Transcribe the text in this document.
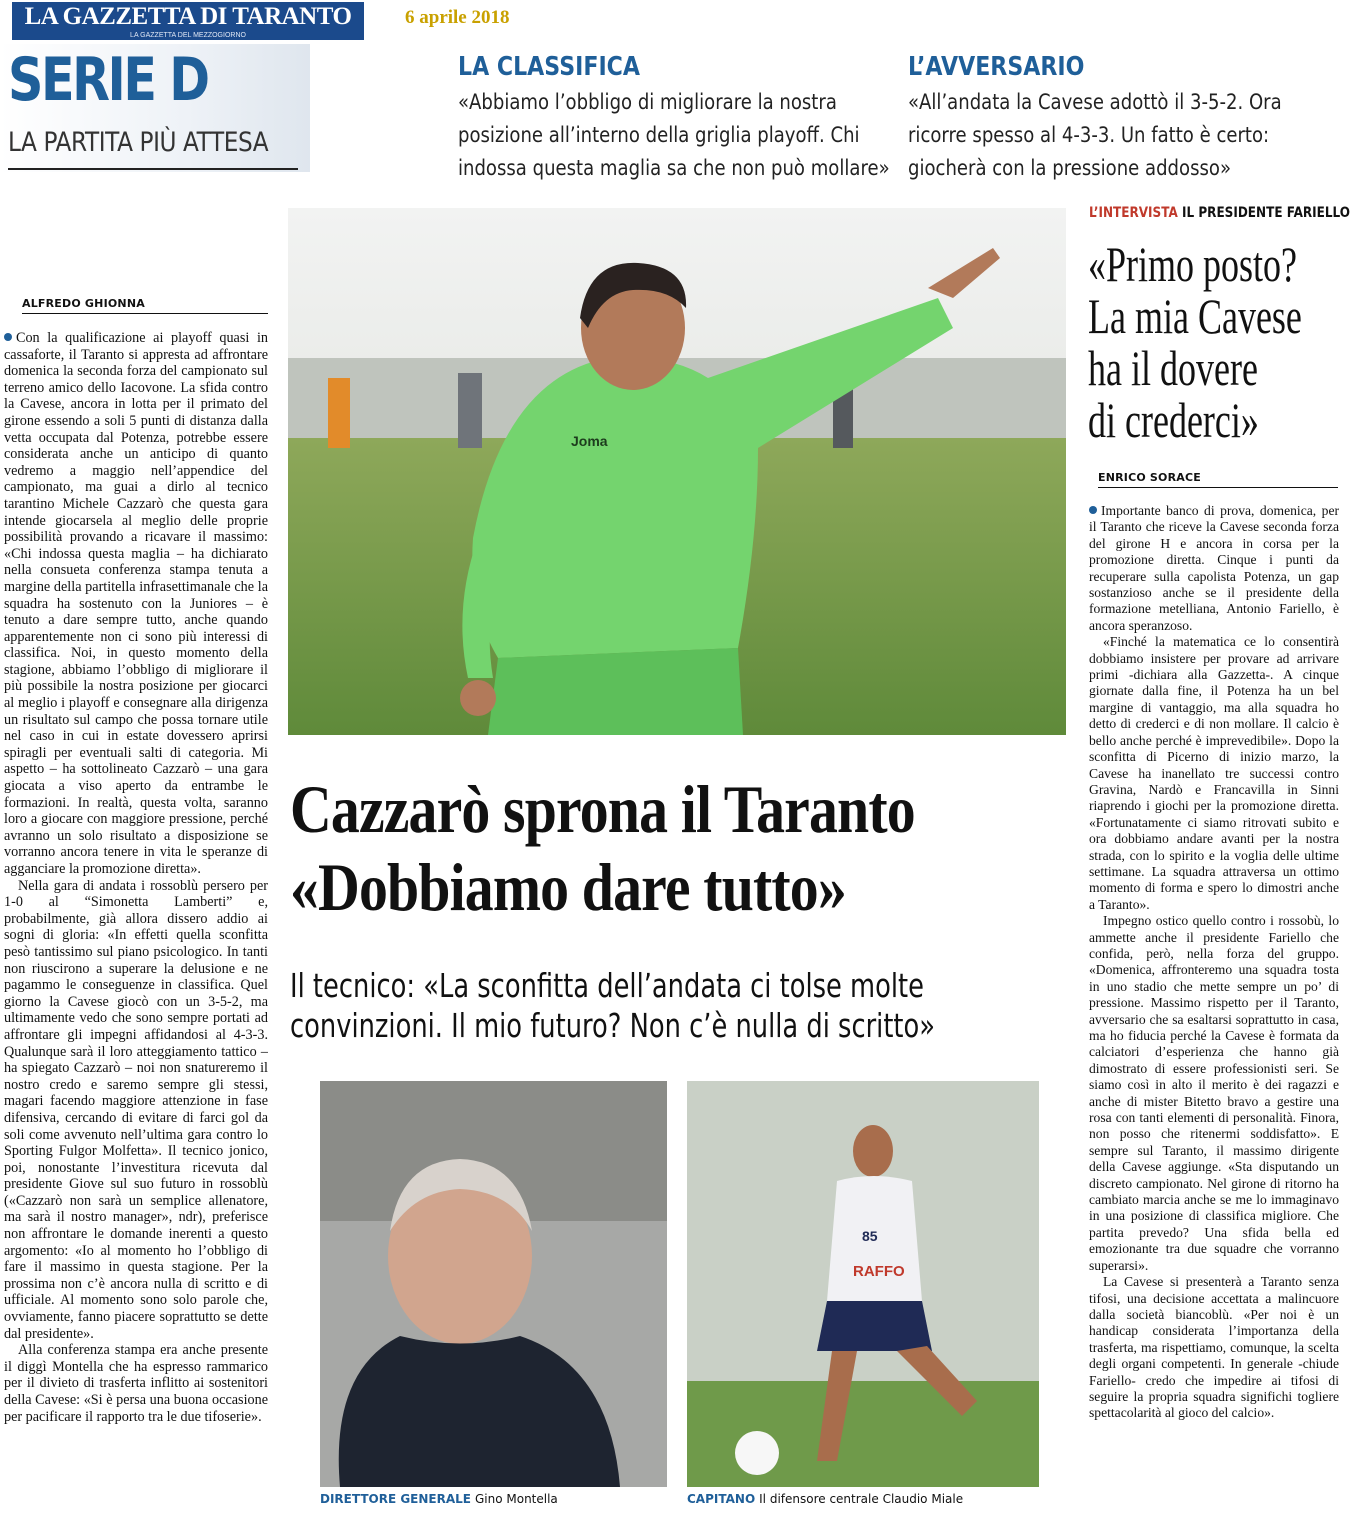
LA GAZZETTA DI TARANTO
LA GAZZETTA DEL MEZZOGIORNO
6 aprile 2018
SERIE D
LA PARTITA PIÙ ATTESA
LA CLASSIFICA
«Abbiamo l’obbligo di migliorare la nostra
posizione all’interno della griglia playoff. Chi
indossa questa maglia sa che non può mollare»
L’AVVERSARIO
«All’andata la Cavese adottò il 3-5-2. Ora
ricorre spesso al 4-3-3. Un fatto è certo:
giocherà con la pressione addosso»
ALFREDO GHIONNA

Con la qualificazione ai playoff quasi in cassaforte, il Taranto si appresta ad affrontare domenica la seconda forza del campionato sul terreno amico dello Iacovone. La sfida contro la Cavese, ancora in lotta per il primato del girone essendo a soli 5 punti di distanza dalla vetta occupata dal Potenza, potrebbe essere considerata anche un anticipo di quanto vedremo a maggio nell’appendice del campionato, ma guai a dirlo al tecnico tarantino Michele Cazzarò che questa gara intende giocarsela al meglio delle proprie possibilità provando a ricavare il massimo: «Chi indossa questa maglia – ha dichiarato nella consueta conferenza stampa tenuta a margine della partitella infrasettimanale che la squadra ha sostenuto con la Juniores – è tenuto a dare sempre tutto, anche quando apparentemente non ci sono più interessi di classifica. Noi, in questo momento della stagione, abbiamo l’obbligo di migliorare il più possibile la nostra posizione per giocarci al meglio i playoff e consegnare alla dirigenza un risultato sul campo che possa tornare utile nel caso in cui in estate dovessero aprirsi spiragli per eventuali salti di categoria. Mi aspetto – ha sottolineato Cazzarò – una gara giocata a viso aperto da entrambe le formazioni. In realtà, questa volta, saranno loro a giocare con maggiore pressione, perché avranno un solo risultato a disposizione se vorranno ancora tenere in vita le speranze di agganciare la promozione diretta».

Nella gara di andata i rossoblù persero per 1-0 al “Simonetta Lamberti” e, probabilmente, già allora dissero addio ai sogni di gloria: «In effetti quella sconfitta pesò tantissimo sul piano psicologico. In tanti non riuscirono a superare la delusione e ne pagammo le conseguenze in classifica. Quel giorno la Cavese giocò con un 3-5-2, ma ultimamente vedo che sono sempre portati ad affrontare gli impegni affidandosi al 4-3-3. Qualunque sarà il loro atteggiamento tattico – ha spiegato Cazzarò – noi non snatureremo il nostro credo e saremo sempre gli stessi, magari facendo maggiore attenzione in fase difensiva, cercando di evitare di farci gol da soli come avvenuto nell’ultima gara contro lo Sporting Fulgor Molfetta». Il tecnico jonico, poi, nonostante l’investitura ricevuta dal presidente Giove sul suo futuro in rossoblù («Cazzarò non sarà un semplice allenatore, ma sarà il nostro manager», ndr), preferisce non affrontare le domande inerenti a questo argomento: «Io al momento ho l’obbligo di fare il massimo in questa stagione. Per la prossima non c’è ancora nulla di scritto e di ufficiale. Al momento sono solo parole che, ovviamente, fanno piacere soprattutto se dette dal presidente».

Alla conferenza stampa era anche presente il diggì Montella che ha espresso rammarico per il divieto di trasferta inflitto ai sostenitori della Cavese: «Si è persa una buona occasione per pacificare il rapporto tra le due tifoserie».

Joma
Cazzarò sprona il Taranto
«Dobbiamo dare tutto»
Il tecnico: «La sconfitta dell’andata ci tolse molte
convinzioni. Il mio futuro? Non c’è nulla di scritto»
85
RAFFO
DIRETTORE GENERALE Gino Montella	CAPITANO Il difensore centrale Claudio Miale
L’INTERVISTA IL PRESIDENTE FARIELLO
«Primo posto?
La mia Cavese
ha il dovere
di crederci»
ENRICO SORACE

Importante banco di prova, domenica, per il Taranto che riceve la Cavese seconda forza del girone H e ancora in corsa per la promozione diretta. Cinque i punti da recuperare sulla capolista Potenza, un gap sostanzioso anche se il presidente della formazione metelliana, Antonio Fariello, è ancora speranzoso.

«Finché la matematica ce lo consentirà dobbiamo insistere per provare ad arrivare primi -dichiara alla Gazzetta-. A cinque giornate dalla fine, il Potenza ha un bel margine di vantaggio, ma alla squadra ho detto di crederci e di non mollare. Il calcio è bello anche perché è imprevedibile». Dopo la sconfitta di Picerno di inizio marzo, la Cavese ha inanellato tre successi contro Gravina, Nardò e Francavilla in Sinni riaprendo i giochi per la promozione diretta. «Fortunatamente ci siamo ritrovati subito e ora dobbiamo andare avanti per la nostra strada, con lo spirito e la voglia delle ultime settimane. La squadra attraversa un ottimo momento di forma e spero lo dimostri anche a Taranto».

Impegno ostico quello contro i rossobù, lo ammette anche il presidente Fariello che confida, però, nella forza del gruppo. «Domenica, affronteremo una squadra tosta in uno stadio che mette sempre un po’ di pressione. Massimo rispetto per il Taranto, avversario che sa esaltarsi soprattutto in casa, ma ho fiducia perché la Cavese è formata da calciatori d’esperienza che hanno già dimostrato di essere professionisti seri. Se siamo così in alto il merito è dei ragazzi e anche di mister Bitetto bravo a gestire una rosa con tanti elementi di personalità. Finora, non posso che ritenermi soddisfatto». E sempre sul Taranto, il massimo dirigente della Cavese aggiunge. «Sta disputando un discreto campionato. Nel girone di ritorno ha cambiato marcia anche se me lo immaginavo in una posizione di classifica migliore. Che partita prevedo? Una sfida bella ed emozionante tra due squadre che vorranno superarsi».

La Cavese si presenterà a Taranto senza tifosi, una decisione accettata a malincuore dalla società biancoblù. «Per noi è un handicap considerata l’importanza della trasferta, ma rispettiamo, comunque, la scelta degli organi competenti. In generale -chiude Fariello- credo che impedire ai tifosi di seguire la propria squadra significhi togliere spettacolarità al gioco del calcio».
